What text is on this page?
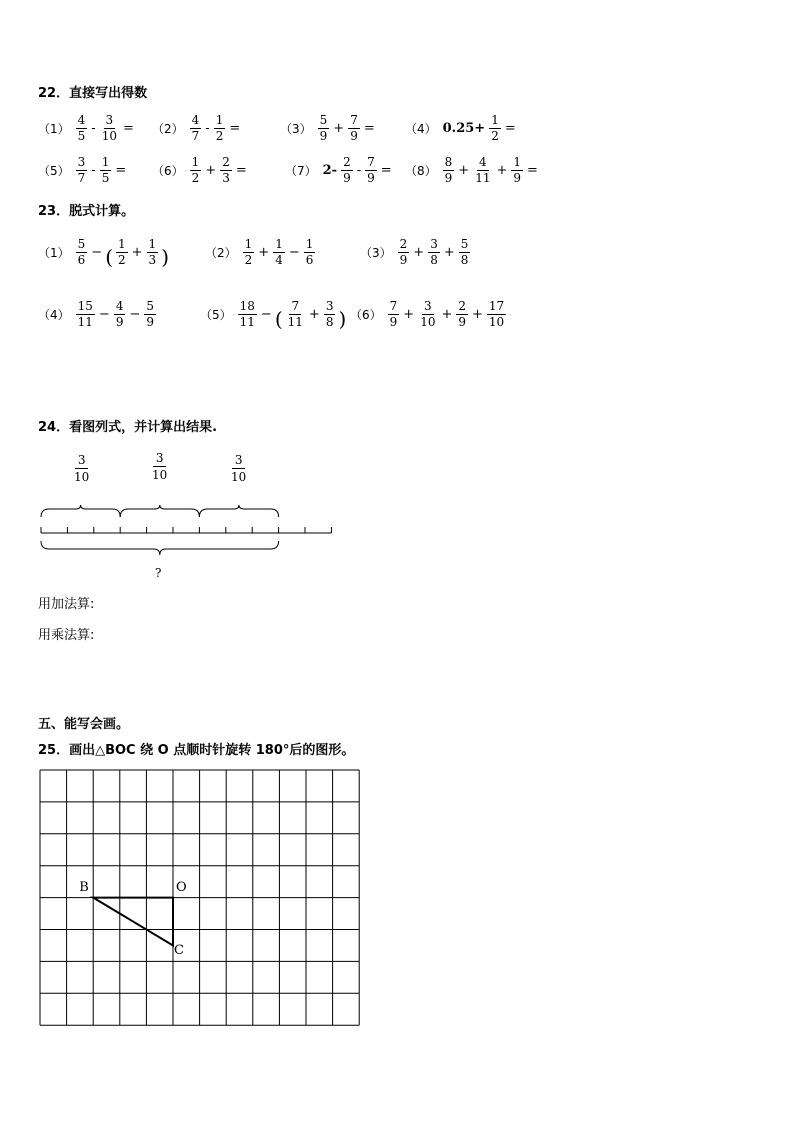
22．直接写出得数
$(1) \frac{4}{5} - \frac{3}{10} = (2) \frac{4}{7} - \frac{1}{2}$ =	$(3) \frac{5}{9} + \frac{7}{9}$ =	（4） $0.25+ \frac{1}{2}$ =
$(5) \frac{3}{7} - \frac{1}{5} = (6) \frac{1}{2} + \frac{2}{3}$ =	（7） $2- \frac{2}{9} - \frac{7}{9} = (8) \frac{8}{9} + \frac{4}{11} + \frac{1}{9}$ =
23．脱式计算。
$(1) \frac{5}{6}$ − ( $\frac{1}{2} + \frac{1}{3}$ )	$(2) \frac{1}{2} + \frac{1}{4} - \frac{1}{6}$	$(3) \frac{2}{9} + \frac{3}{8} + \frac{5}{8}$
$(4) \frac{15}{11} - \frac{4}{9} - \frac{5}{9}$	$(5) \frac{18}{11}$ − ( $\frac{7}{11} + \frac{3}{8}$ ) $(6) \frac{7}{9} + \frac{3}{10} + \frac{2}{9} + \frac{17}{10}$
24．看图列式，并计算出结果.
$\frac{3}{10}$	$\frac{3}{10}$	$\frac{3}{10}$
?
用加法算:
用乘法算:
五、能写会画。
25．画出△BOC 绕 O 点顺时针旋转 180°后的图形。
B	O
C
